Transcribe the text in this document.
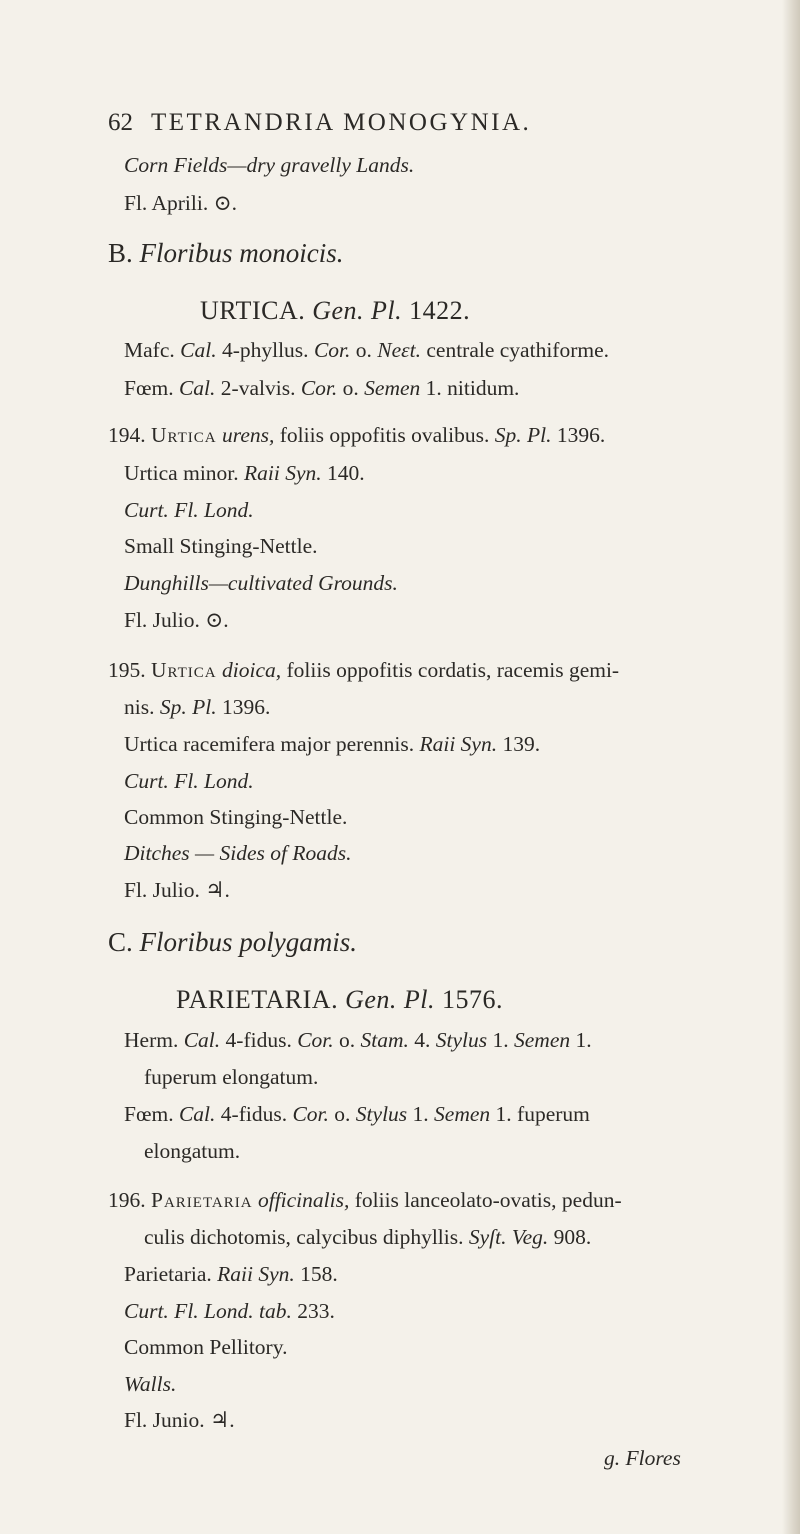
62 TETRANDRIA MONOGYNIA.
Corn Fields—dry gravelly Lands.
Fl. Aprili. ⊙.
B. Floribus monoicis.
URTICA. Gen. Pl. 1422.
Mafc. Cal. 4-phyllus. Cor. o. Neɛt. centrale cyathiforme.
Fœm. Cal. 2-valvis. Cor. o. Semen 1. nitidum.
194. Urtica urens, foliis oppofitis ovalibus. Sp. Pl. 1396.
Urtica minor. Raii Syn. 140.
Curt. Fl. Lond.
Small Stinging-Nettle.
Dunghills—cultivated Grounds.
Fl. Julio. ⊙.
195. Urtica dioica, foliis oppofitis cordatis, racemis gemi-
nis. Sp. Pl. 1396.
Urtica racemifera major perennis. Raii Syn. 139.
Curt. Fl. Lond.
Common Stinging-Nettle.
Ditches — Sides of Roads.
Fl. Julio. ♃.
C. Floribus polygamis.
PARIETARIA. Gen. Pl. 1576.
Herm. Cal. 4-fidus. Cor. o. Stam. 4. Stylus 1. Semen 1.
fuperum elongatum.
Fœm. Cal. 4-fidus. Cor. o. Stylus 1. Semen 1. fuperum
elongatum.
196. Parietaria officinalis, foliis lanceolato-ovatis, pedun-
culis dichotomis, calycibus diphyllis. Syſt. Veg. 908.
Parietaria. Raii Syn. 158.
Curt. Fl. Lond. tab. 233.
Common Pellitory.
Walls.
Fl. Junio. ♃.
g. Flores
